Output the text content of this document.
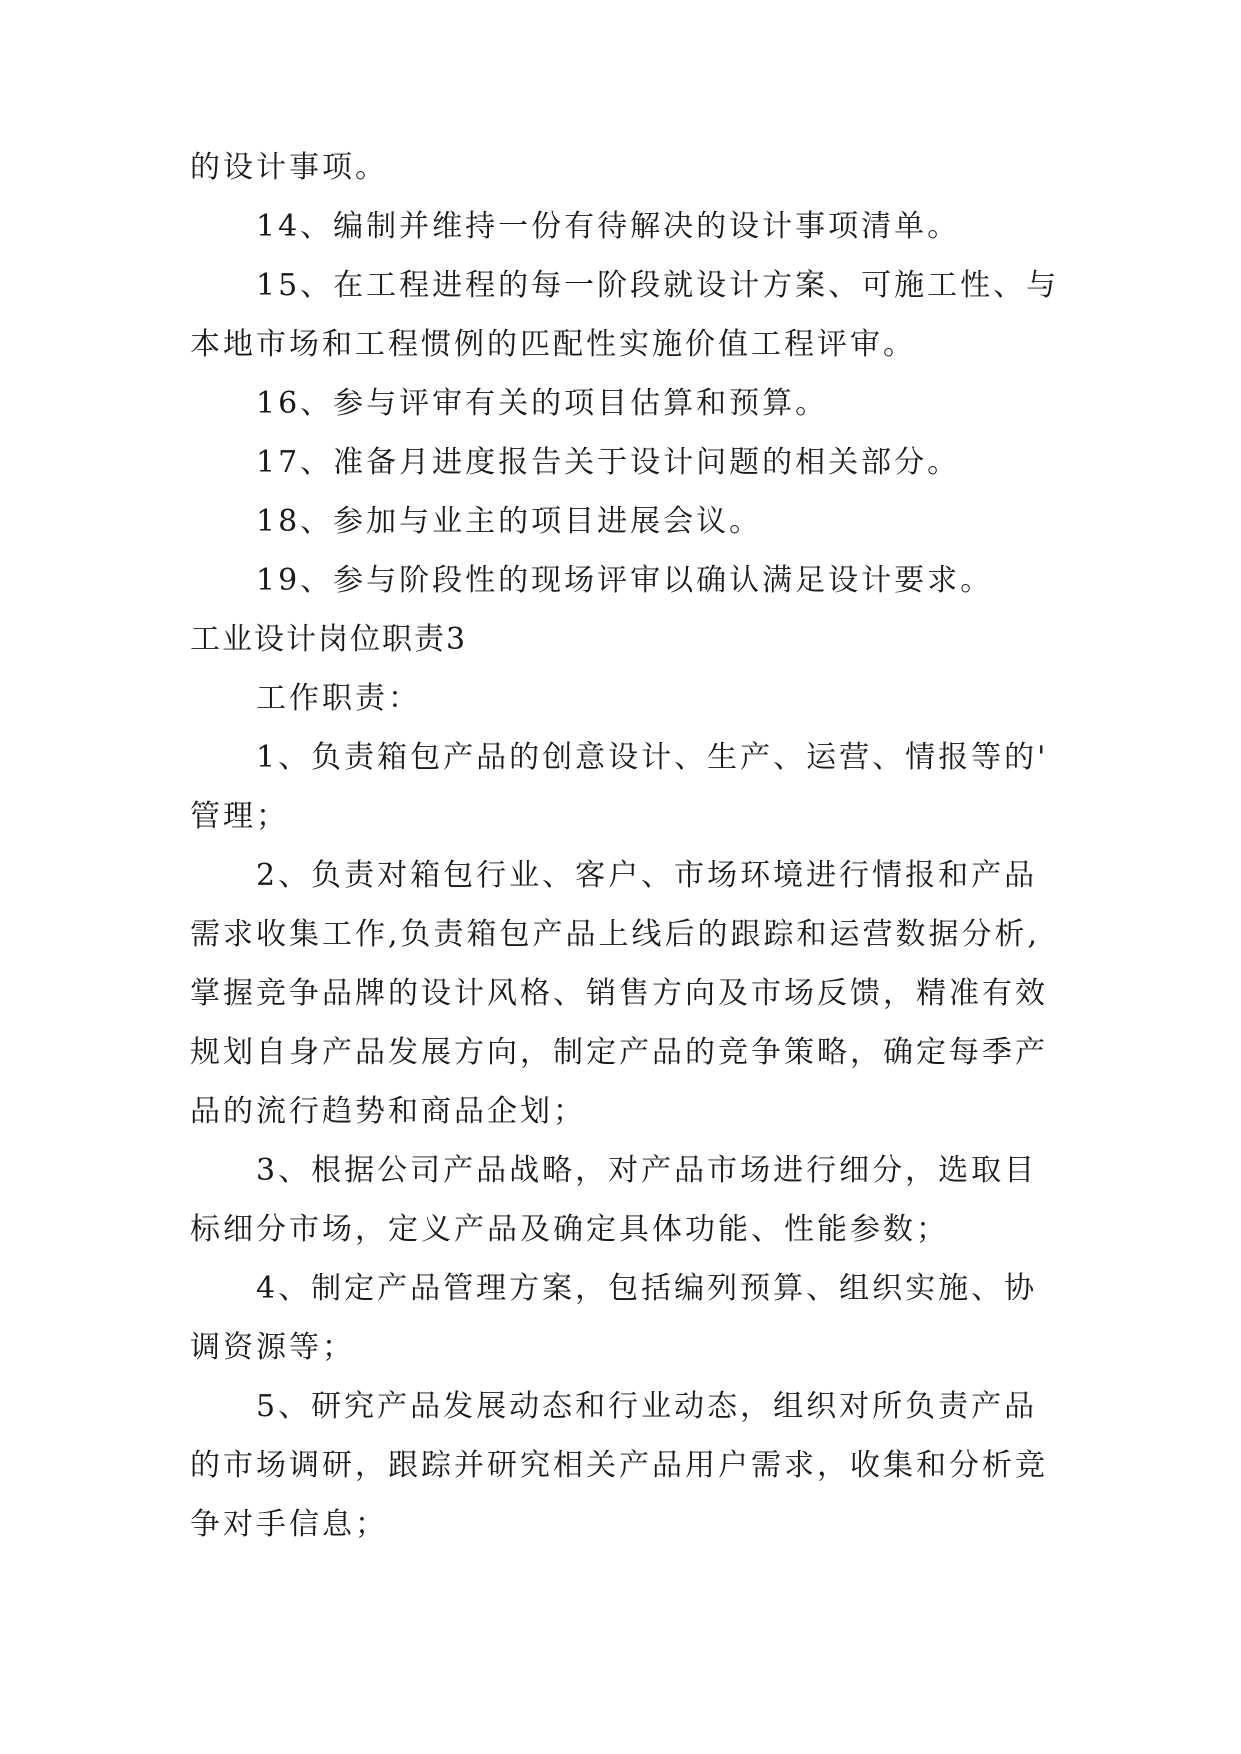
的设计事项。
14、编制并维持一份有待解决的设计事项清单。
15、在工程进程的每一阶段就设计方案、可施工性、与
本地市场和工程惯例的匹配性实施价值工程评审。
16、参与评审有关的项目估算和预算。
17、准备月进度报告关于设计问题的相关部分。
18、参加与业主的项目进展会议。
19、参与阶段性的现场评审以确认满足设计要求。
工业设计岗位职责3
工作职责：
1、负责箱包产品的创意设计、生产、运营、情报等的'
管理；
2、负责对箱包行业、客户、市场环境进行情报和产品
需求收集工作,负责箱包产品上线后的跟踪和运营数据分析,
掌握竞争品牌的设计风格、销售方向及市场反馈，精准有效
规划自身产品发展方向，制定产品的竞争策略，确定每季产
品的流行趋势和商品企划；
3、根据公司产品战略，对产品市场进行细分，选取目
标细分市场，定义产品及确定具体功能、性能参数；
4、制定产品管理方案，包括编列预算、组织实施、协
调资源等；
5、研究产品发展动态和行业动态，组织对所负责产品
的市场调研，跟踪并研究相关产品用户需求，收集和分析竞
争对手信息；
